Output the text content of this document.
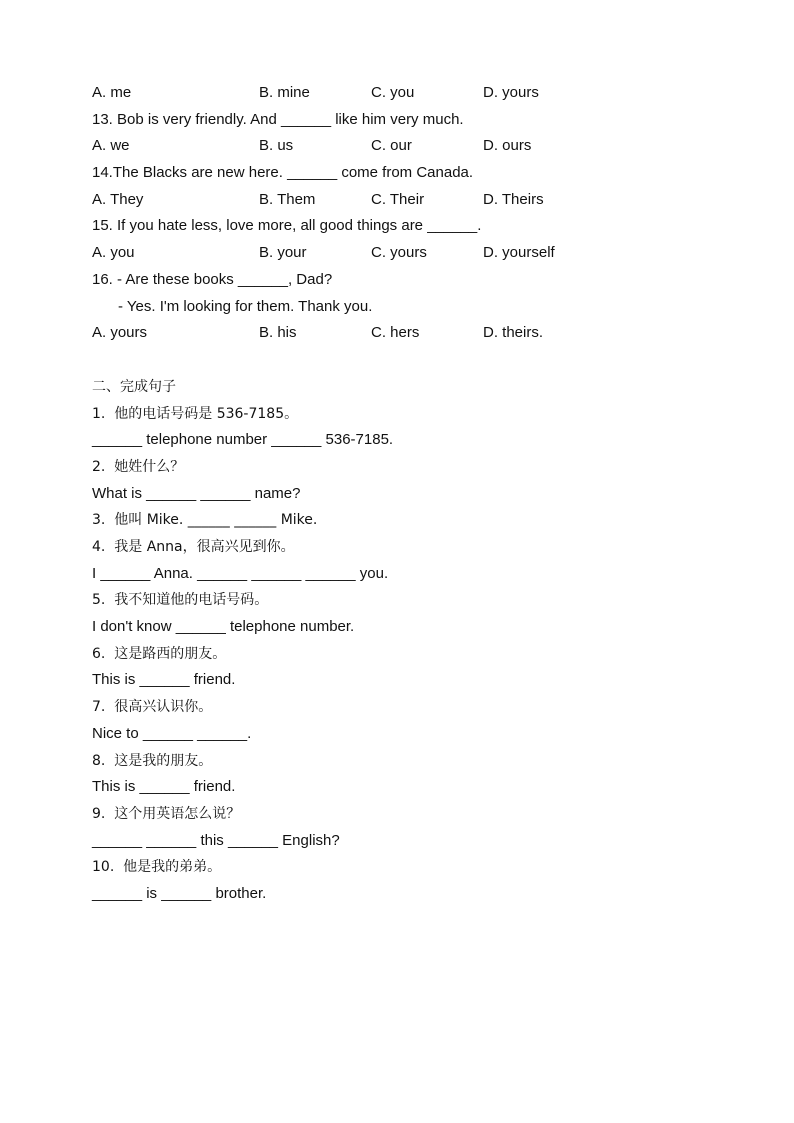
A. me	B. mine	C. you	D. yours
13. Bob is very friendly. And ______ like him very much.
A. we	B. us	C. our	D. ours
14.The Blacks are new here. ______ come from Canada.
A. They	B. Them	C. Their	D. Theirs
15. If you hate less, love more, all good things are ______.
A. you	B. your	C. yours	D. yourself
16. - Are these books ______, Dad?
- Yes. I'm looking for them. Thank you.
A. yours	B. his	C. hers	D. theirs.
二、完成句子
1.  他的电话号码是 536-7185。
______ telephone number ______ 536-7185.
2.  她姓什么？
What is ______ ______ name?
3.  他叫 Mike. ______ ______ Mike.
4.  我是 Anna，很高兴见到你。
I ______ Anna. ______ ______ ______ you.
5.  我不知道他的电话号码。
I don't know ______ telephone number.
6.  这是路西的朋友。
This is ______ friend.
7.  很高兴认识你。
Nice to ______ ______.
8.  这是我的朋友。
This is ______ friend.
9.  这个用英语怎么说？
______ ______ this ______ English?
10.  他是我的弟弟。
______ is ______ brother.
